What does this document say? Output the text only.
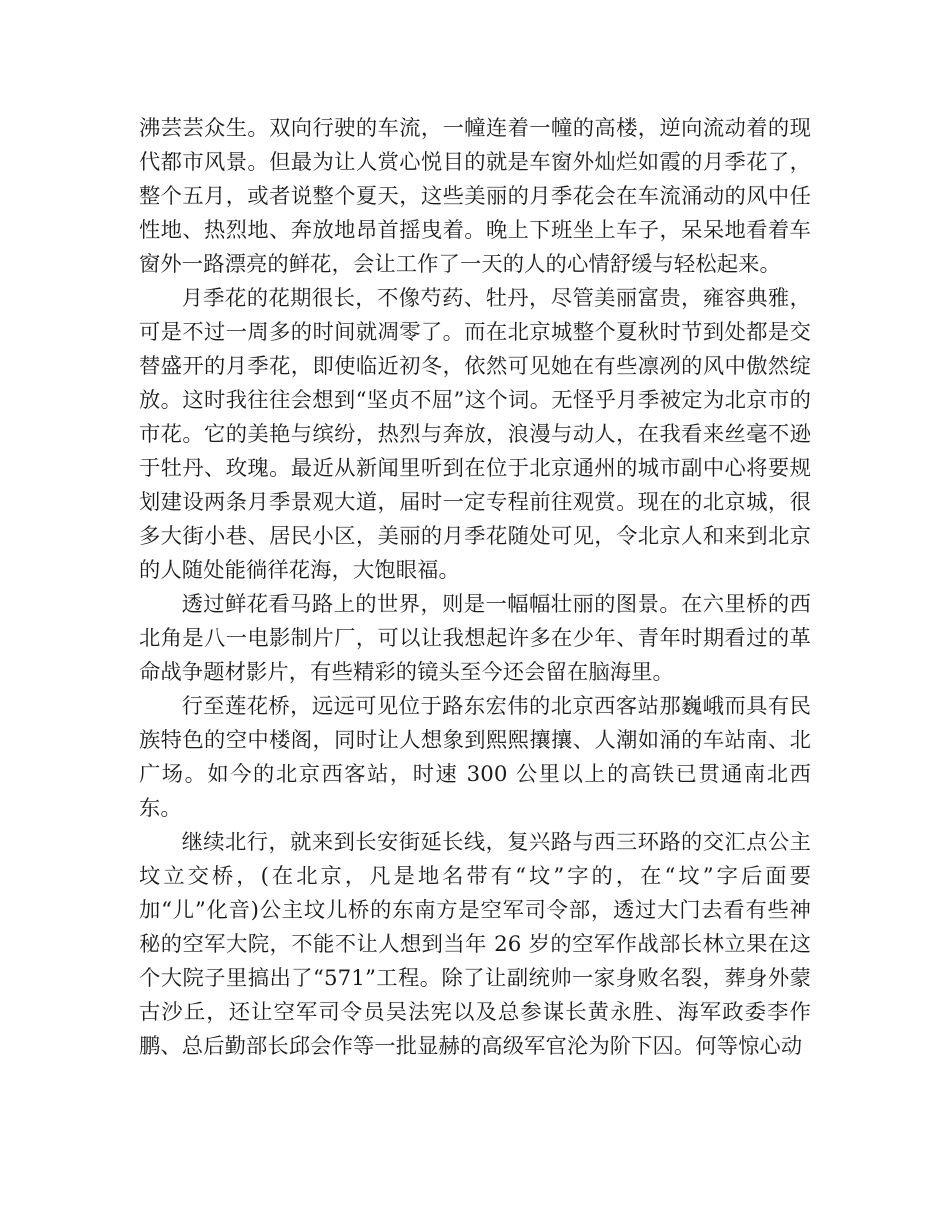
沸芸芸众生。双向行驶的车流，一幢连着一幢的高楼，逆向流动着的现代都市风景。但最为让人赏心悦目的就是车窗外灿烂如霞的月季花了，整个五月，或者说整个夏天，这些美丽的月季花会在车流涌动的风中任性地、热烈地、奔放地昂首摇曳着。晚上下班坐上车子，呆呆地看着车窗外一路漂亮的鲜花，会让工作了一天的人的心情舒缓与轻松起来。

月季花的花期很长，不像芍药、牡丹，尽管美丽富贵，雍容典雅，可是不过一周多的时间就凋零了。而在北京城整个夏秋时节到处都是交替盛开的月季花，即使临近初冬，依然可见她在有些凛冽的风中傲然绽放。这时我往往会想到“坚贞不屈”这个词。无怪乎月季被定为北京市的市花。它的美艳与缤纷，热烈与奔放，浪漫与动人，在我看来丝毫不逊于牡丹、玫瑰。最近从新闻里听到在位于北京通州的城市副中心将要规划建设两条月季景观大道，届时一定专程前往观赏。现在的北京城，很多大街小巷、居民小区，美丽的月季花随处可见，令北京人和来到北京的人随处能徜徉花海，大饱眼福。

透过鲜花看马路上的世界，则是一幅幅壮丽的图景。在六里桥的西北角是八一电影制片厂，可以让我想起许多在少年、青年时期看过的革命战争题材影片，有些精彩的镜头至今还会留在脑海里。

行至莲花桥，远远可见位于路东宏伟的北京西客站那巍峨而具有民族特色的空中楼阁，同时让人想象到熙熙攘攘、人潮如涌的车站南、北广场。如今的北京西客站，时速 300 公里以上的高铁已贯通南北西东。

继续北行，就来到长安街延长线，复兴路与西三环路的交汇点公主坟立交桥，(在北京，凡是地名带有“坟”字的，在“坟”字后面要加“儿”化音)公主坟儿桥的东南方是空军司令部，透过大门去看有些神秘的空军大院，不能不让人想到当年 26 岁的空军作战部长林立果在这个大院子里搞出了“571”工程。除了让副统帅一家身败名裂，葬身外蒙古沙丘，还让空军司令员吴法宪以及总参谋长黄永胜、海军政委李作鹏、总后勤部长邱会作等一批显赫的高级军官沦为阶下囚。何等惊心动
